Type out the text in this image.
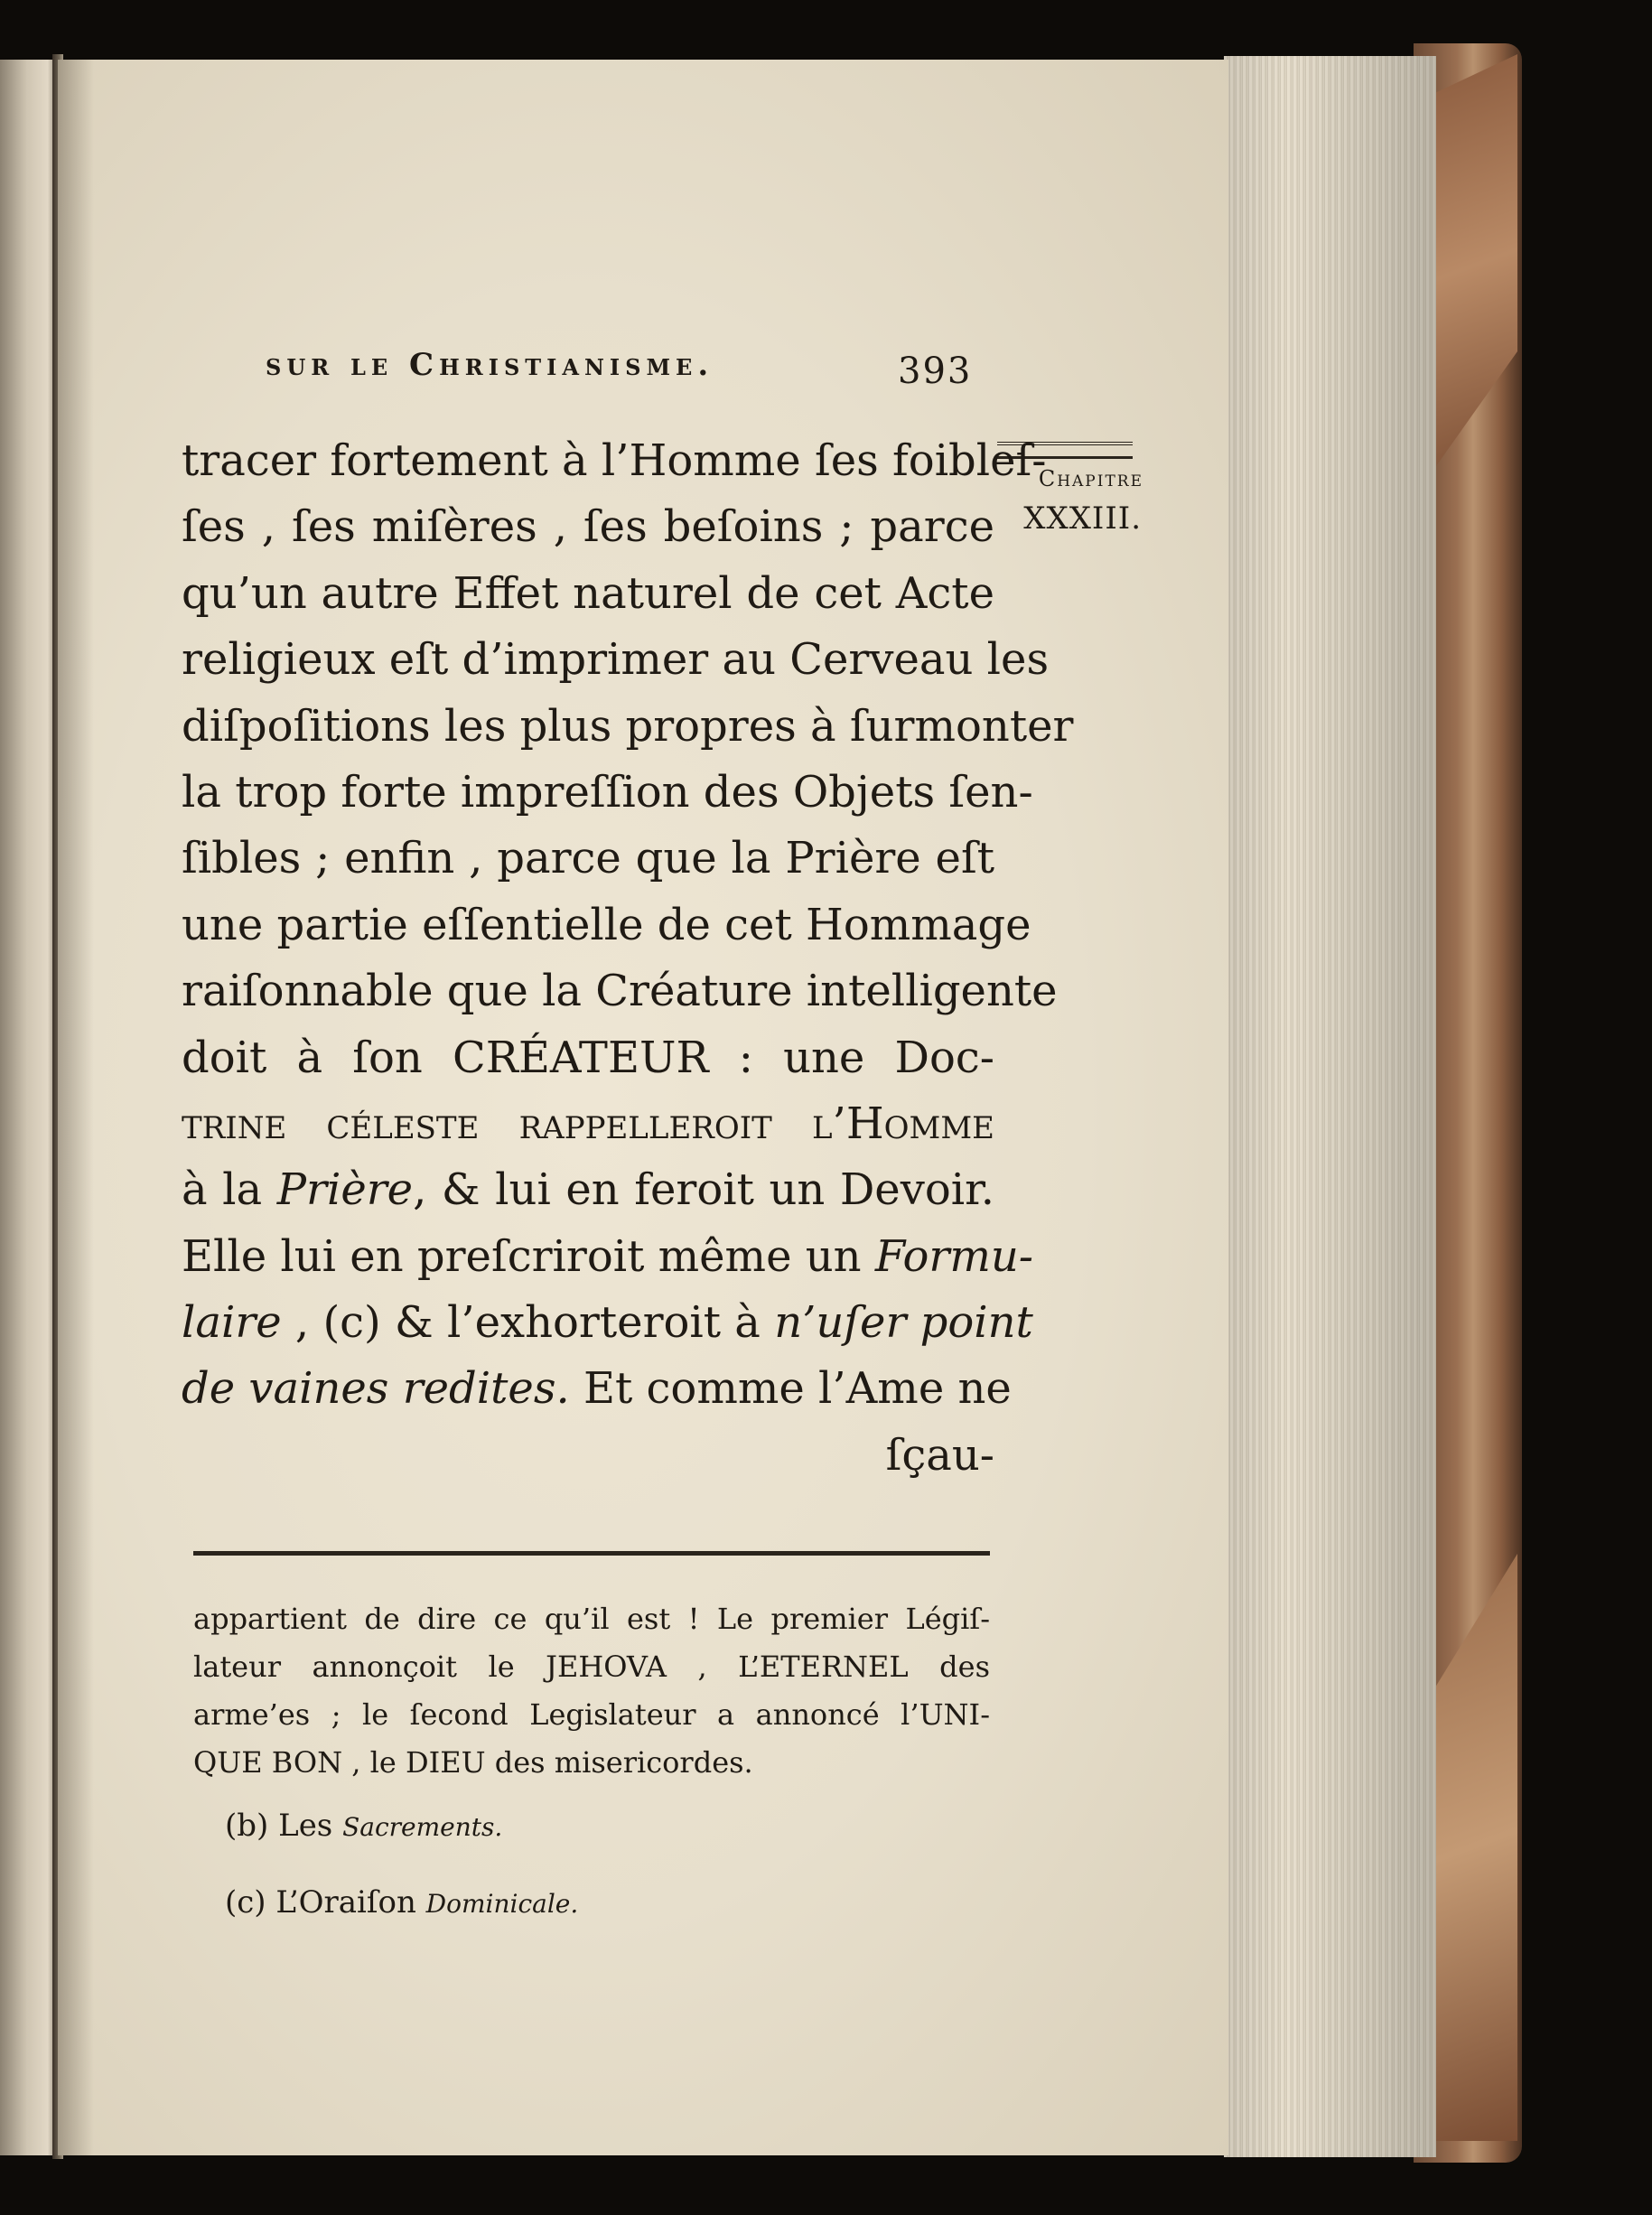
sur le Christianisme.	393
Chapitre
XXXIII.
tracer fortement à l’Homme ſes foibleſ-
ſes , ſes miſères , ſes beſoins ; parce
qu’un autre Effet naturel de cet Acte
religieux eſt d’imprimer au Cerveau les
diſpoſitions les plus propres à ſurmonter
la trop forte impreſſion des Objets ſen-
ſibles ; enfin , parce que la Prière eſt
une partie eſſentielle de cet Hommage
raiſonnable que la Créature intelligente
doit à ſon CRÉATEUR : une Doc-
trine céleste rappelleroit l’Homme
à la Prière, & lui en feroit un Devoir.
Elle lui en preſcriroit même un Formu-
laire , (c) & l’exhorteroit à n’uſer point
de vaines redites. Et comme l’Ame ne
ſçau-
appartient de dire ce qu’il est ! Le premier Légiſ-
lateur annonçoit le JEHOVA , L’ETERNEL des
arme’es ; le ſecond Legislateur a annoncé l’UNI-
QUE BON , le DIEU des misericordes.
(b) Les Sacrements.
(c) L’Oraiſon Dominicale.
